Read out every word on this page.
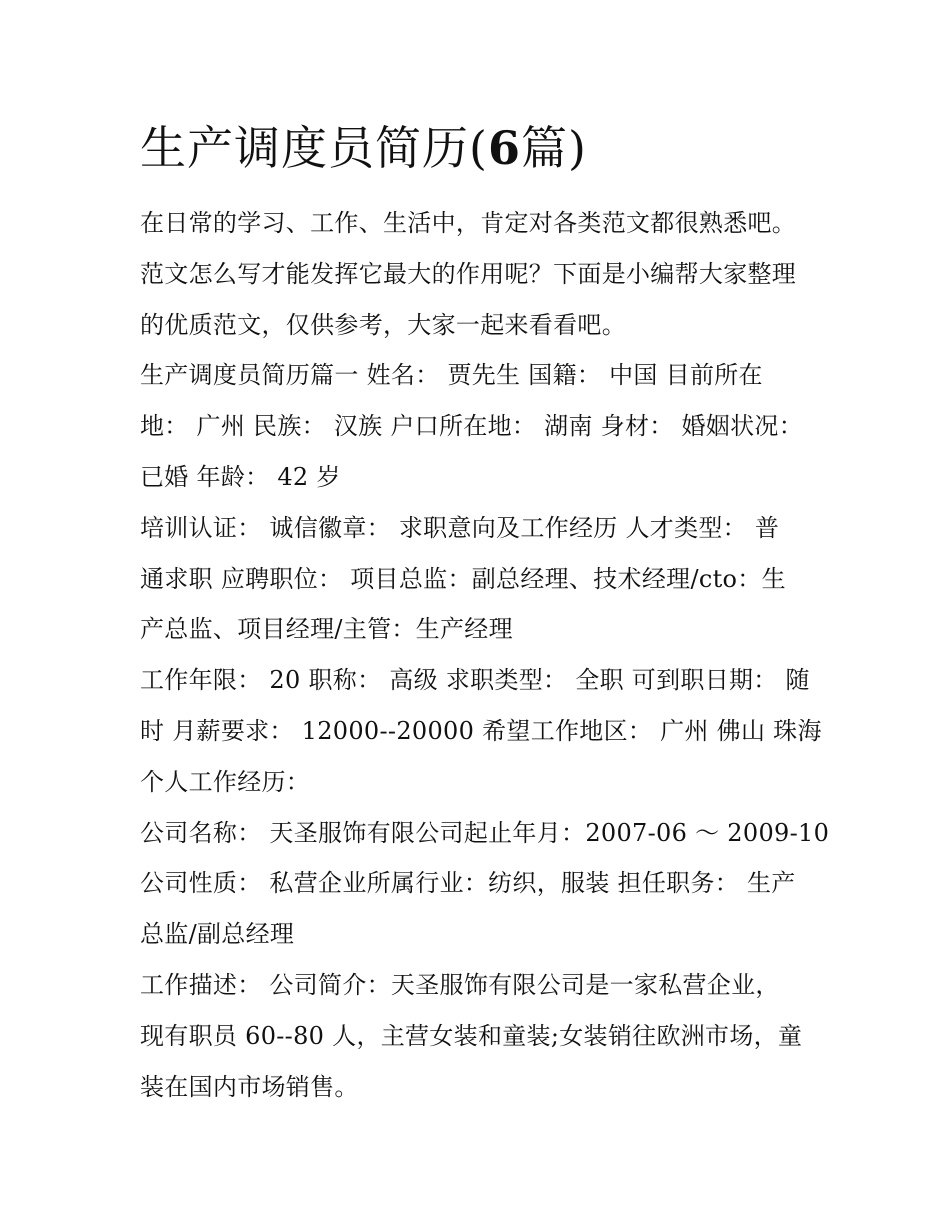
生产调度员简历(6篇)
在日常的学习、工作、生活中，肯定对各类范文都很熟悉吧。
范文怎么写才能发挥它最大的作用呢？下面是小编帮大家整理
的优质范文，仅供参考，大家一起来看看吧。
生产调度员简历篇一 姓名： 贾先生 国籍： 中国 目前所在
地： 广州 民族： 汉族 户口所在地： 湖南 身材： 婚姻状况：
已婚 年龄： 42 岁
培训认证： 诚信徽章： 求职意向及工作经历 人才类型： 普
通求职 应聘职位： 项目总监：副总经理、技术经理/cto：生
产总监、项目经理/主管：生产经理
工作年限： 20 职称： 高级 求职类型： 全职 可到职日期： 随
时 月薪要求： 12000--20000 希望工作地区： 广州 佛山 珠海
个人工作经历：
公司名称： 天圣服饰有限公司起止年月：2007-06 ～ 2009-10
公司性质： 私营企业所属行业：纺织，服装 担任职务： 生产
总监/副总经理
工作描述： 公司简介：天圣服饰有限公司是一家私营企业，
现有职员 60--80 人，主营女装和童装;女装销往欧洲市场，童
装在国内市场销售。
